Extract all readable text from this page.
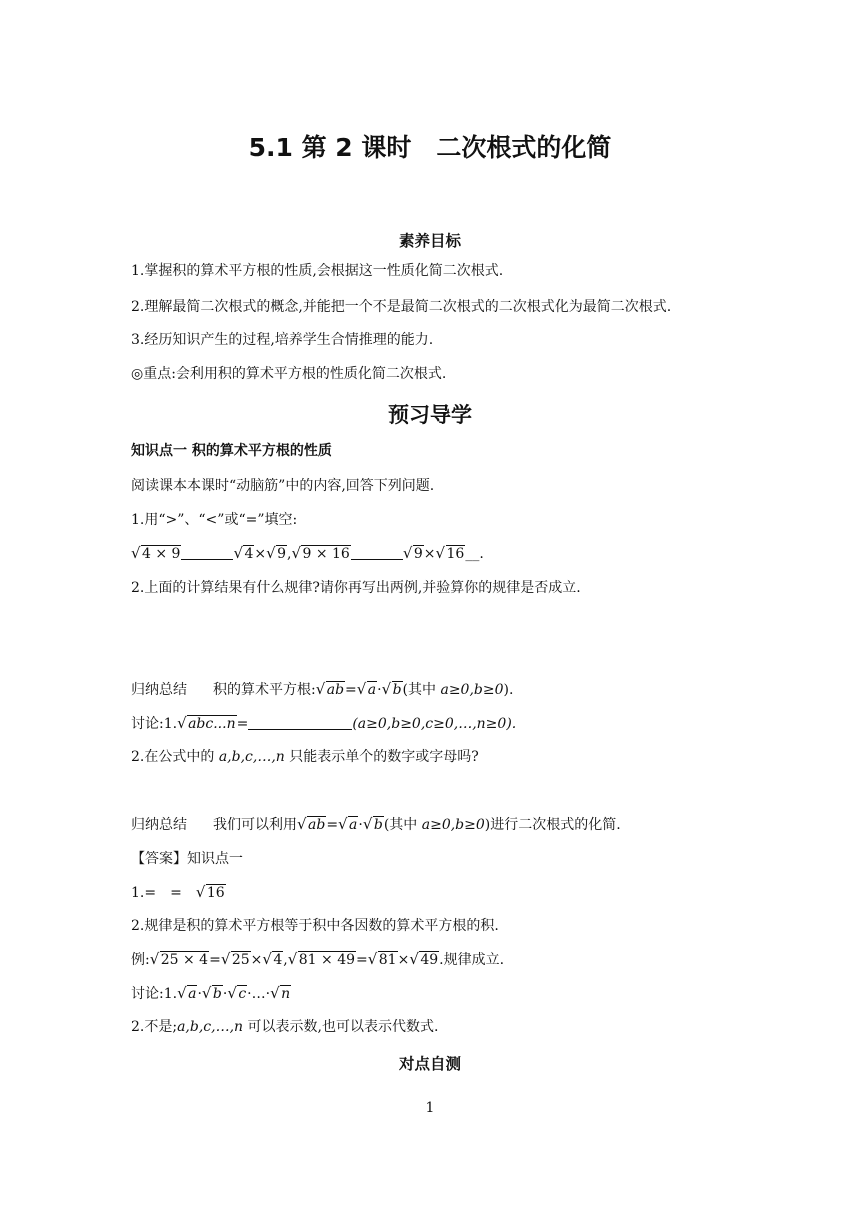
5.1 第 2 课时　二次根式的化简
素养目标
1.掌握积的算术平方根的性质,会根据这一性质化简二次根式.
2.理解最简二次根式的概念,并能把一个不是最简二次根式的二次根式化为最简二次根式.
3.经历知识产生的过程,培养学生合情推理的能力.
◎重点:会利用积的算术平方根的性质化简二次根式.
预习导学
知识点一 积的算术平方根的性质
阅读课本本课时“动脑筋”中的内容,回答下列问题.
1.用“>”、“<”或“=”填空:
√ 4 × 9	√ 4× √ 9, √ 9 × 16	√ 9× √ 16__.
2.上面的计算结果有什么规律?请你再写出两例,并验算你的规律是否成立.
归纳总结 积的算术平方根: √ ab= √ a· √ b(其中 a≥0,b≥0).
讨论:1. √ abc...n=	(a≥0,b≥0,c≥0,…,n≥0).
2.在公式中的 a,b,c,…,n 只能表示单个的数字或字母吗?
归纳总结 我们可以利用 √ ab= √ a· √ b(其中 a≥0,b≥0)进行二次根式的化简.
【答案】知识点一
1.=　=　 √ 16
2.规律是积的算术平方根等于积中各因数的算术平方根的积.
例: √ 25 × 4= √ 25× √ 4, √ 81 × 49= √ 81× √ 49.规律成立.
讨论:1. √ a· √ b· √ c·…· √ n
2.不是;a,b,c,…,n 可以表示数,也可以表示代数式.
对点自测
1
